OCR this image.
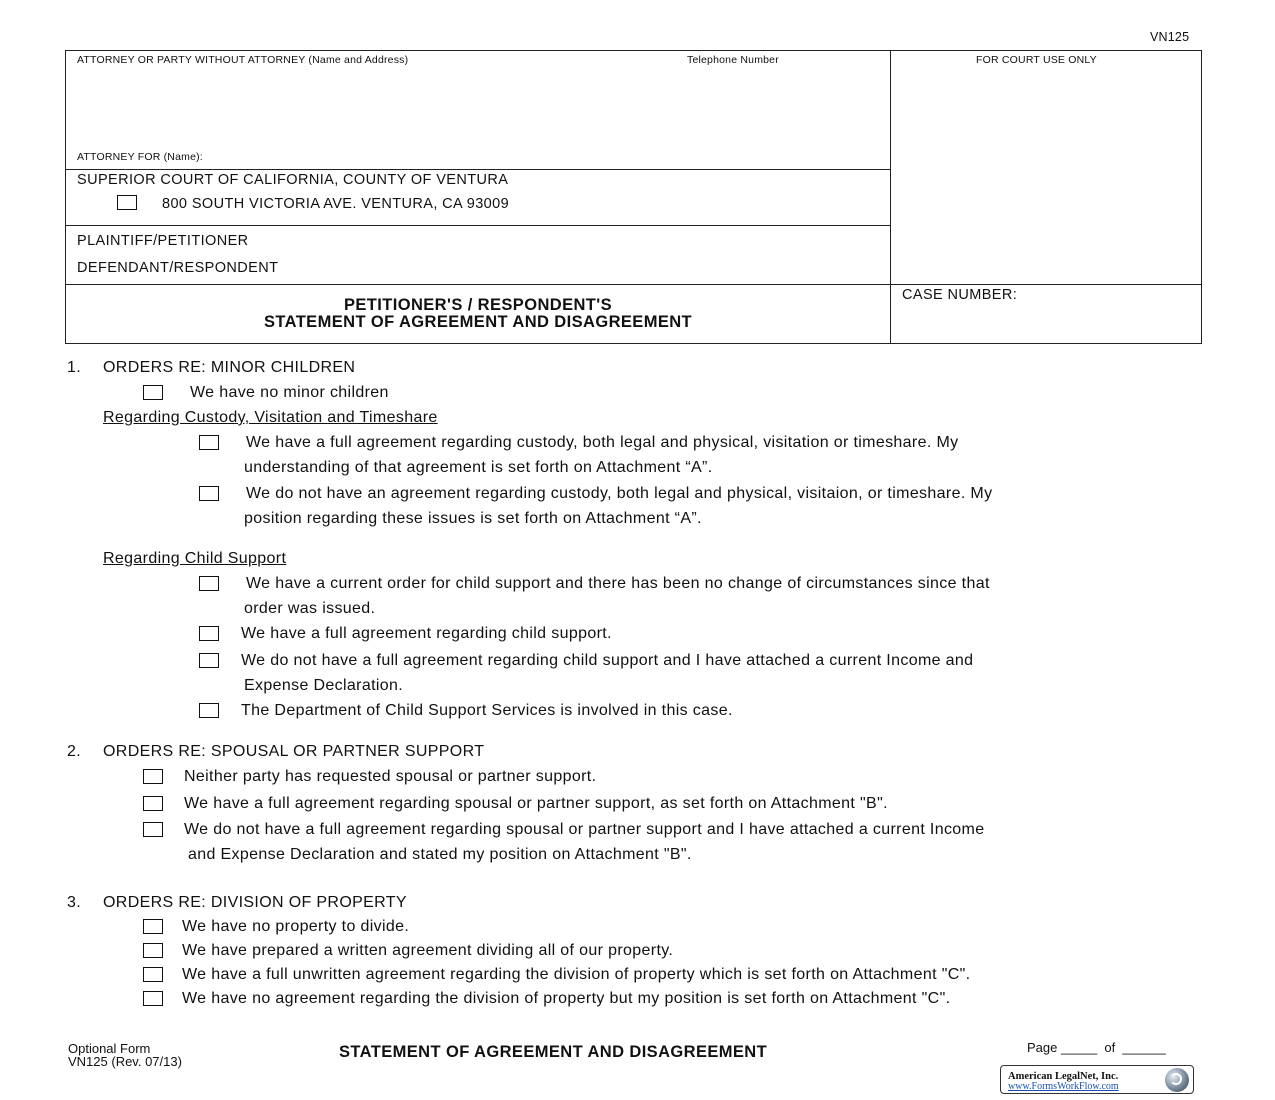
VN125
ATTORNEY OR PARTY WITHOUT ATTORNEY (Name and Address)	Telephone Number	FOR COURT USE ONLY
ATTORNEY FOR (Name):
SUPERIOR COURT OF CALIFORNIA, COUNTY OF VENTURA
800 SOUTH VICTORIA AVE. VENTURA, CA 93009
PLAINTIFF/PETITIONER
DEFENDANT/RESPONDENT
PETITIONER'S / RESPONDENT'S
STATEMENT OF AGREEMENT AND DISAGREEMENT
CASE NUMBER:
1. ORDERS RE: MINOR CHILDREN
We have no minor children
Regarding Custody, Visitation and Timeshare
We have a full agreement regarding custody, both legal and physical, visitation or timeshare. My
understanding of that agreement is set forth on Attachment “A”.
We do not have an agreement regarding custody, both legal and physical, visitaion, or timeshare. My
position regarding these issues is set forth on Attachment “A”.
Regarding Child Support
We have a current order for child support and there has been no change of circumstances since that
order was issued.
We have a full agreement regarding child support.
We do not have a full agreement regarding child support and I have attached a current Income and
Expense Declaration.
The Department of Child Support Services is involved in this case.
2. ORDERS RE: SPOUSAL OR PARTNER SUPPORT
Neither party has requested spousal or partner support.
We have a full agreement regarding spousal or partner support, as set forth on Attachment "B".
We do not have a full agreement regarding spousal or partner support and I have attached a current Income
and Expense Declaration and stated my position on Attachment "B".
3. ORDERS RE: DIVISION OF PROPERTY
We have no property to divide.
We have prepared a written agreement dividing all of our property.
We have a full unwritten agreement regarding the division of property which is set forth on Attachment "C".
We have no agreement regarding the division of property but my position is set forth on Attachment "C".
Optional Form
VN125 (Rev. 07/13)
STATEMENT OF AGREEMENT AND DISAGREEMENT	Page _____  of  ______
American LegalNet, Inc.
www.FormsWorkFlow.com
